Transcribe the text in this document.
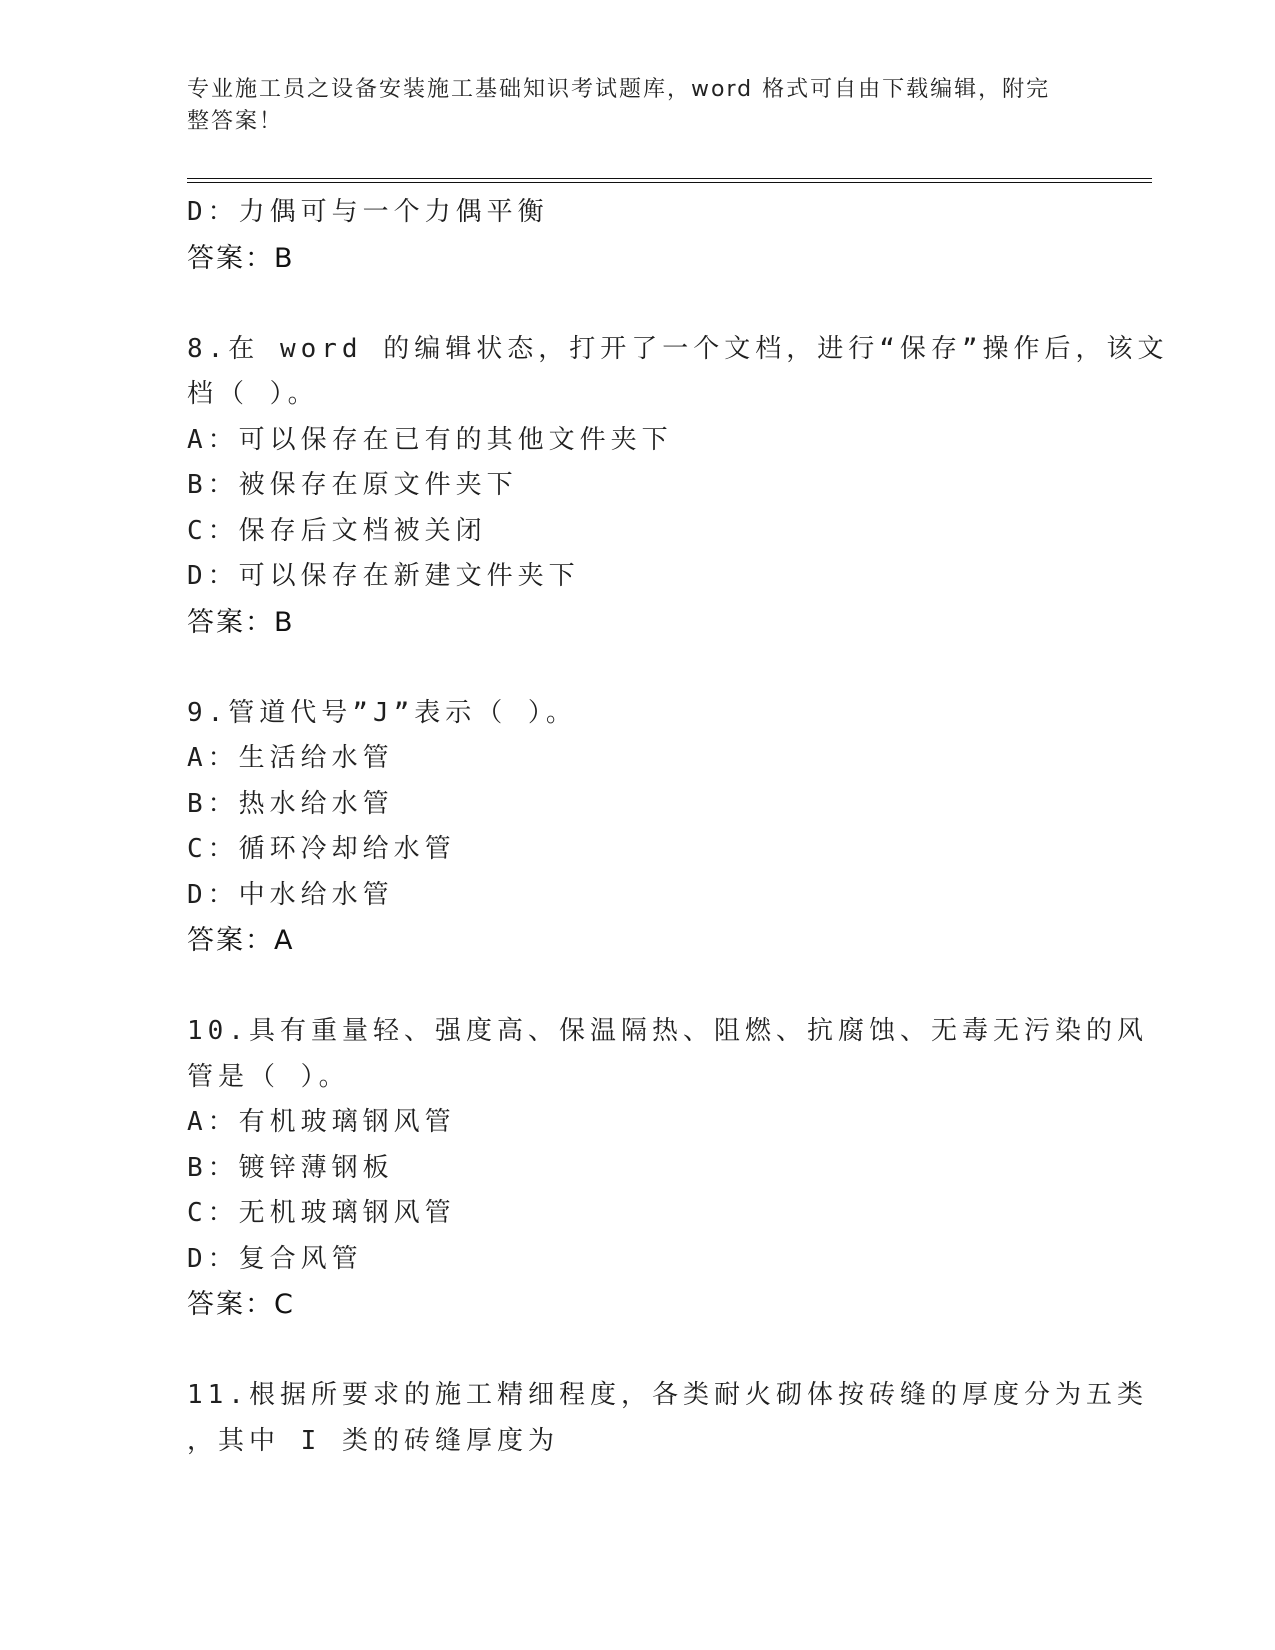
专业施工员之设备安装施工基础知识考试题库，word 格式可自由下载编辑，附完
整答案！
D：力偶可与一个力偶平衡
答案：B
8.在 word 的编辑状态，打开了一个文档，进行“保存”操作后，该文
档（ ）。
A：可以保存在已有的其他文件夹下
B：被保存在原文件夹下
C：保存后文档被关闭
D：可以保存在新建文件夹下
答案：B
9.管道代号”J”表示（ ）。
A：生活给水管
B：热水给水管
C：循环冷却给水管
D：中水给水管
答案：A
10.具有重量轻、强度高、保温隔热、阻燃、抗腐蚀、无毒无污染的风
管是（ ）。
A：有机玻璃钢风管
B：镀锌薄钢板
C：无机玻璃钢风管
D：复合风管
答案：C
11.根据所要求的施工精细程度，各类耐火砌体按砖缝的厚度分为五类
，其中 I 类的砖缝厚度为
